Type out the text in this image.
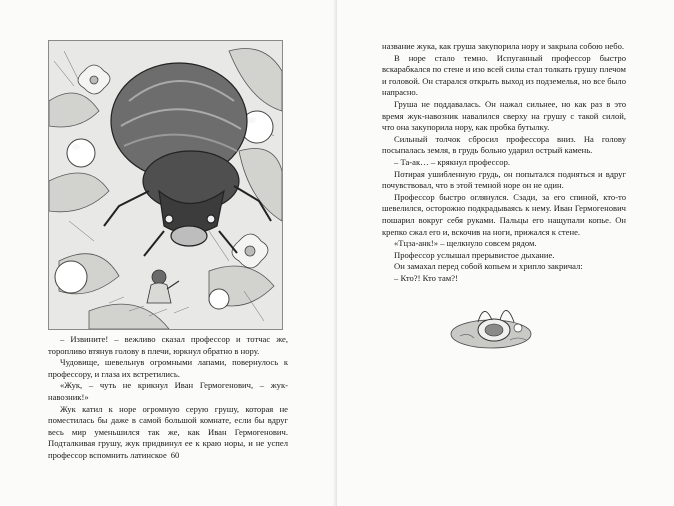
– Извините! – вежливо сказал профессор и тотчас же, торопливо втянув голову в плечи, юркнул обратно в нору.

Чудовище, шевельнув огромными лапами, повернулось к профессору, и глаза их встретились.

«Жук, – чуть не крикнул Иван Гермогенович, – жук-навозник!»

Жук катил к норе огромную серую грушу, которая не поместилась бы даже в самой большой комнате, если бы вдруг весь мир уменьшился так же, как Иван Гермогенович. Подталкивая грушу, жук придвинул ее к краю норы, и не успел профессор вспомнить латинское 60

название жука, как груша закупорила нору и закрыла собою небо.

В норе стало темно. Испуганный профессор быстро вскарабкался по стене и изо всей силы стал толкать грушу плечом и головой. Он старался открыть выход из подземелья, но все было напрасно.

Груша не поддавалась. Он нажал сильнее, но как раз в это время жук-навозник навалился сверху на грушу с такой силой, что она закупорила нору, как пробка бутылку.

Сильный толчок сбросил профессора вниз. На голову посыпалась земля, в грудь больно ударил острый камень.

– Та-ак… – крякнул профессор.

Потирая ушибленную грудь, он попытался подняться и вдруг почувствовал, что в этой темной норе он не один.

Профессор быстро оглянулся. Сзади, за его спиной, кто-то шевелился, осторожно подкрадываясь к нему. Иван Гермогенович пошарил вокруг себя руками. Пальцы его нащупали копье. Он крепко сжал его и, вскочив на ноги, прижался к стене.

«Тцза-анк!» – щелкнуло совсем рядом.

Профессор услышал прерывистое дыхание.

Он замахал перед собой копьем и хрипло закричал:

– Кто?! Кто там?!
